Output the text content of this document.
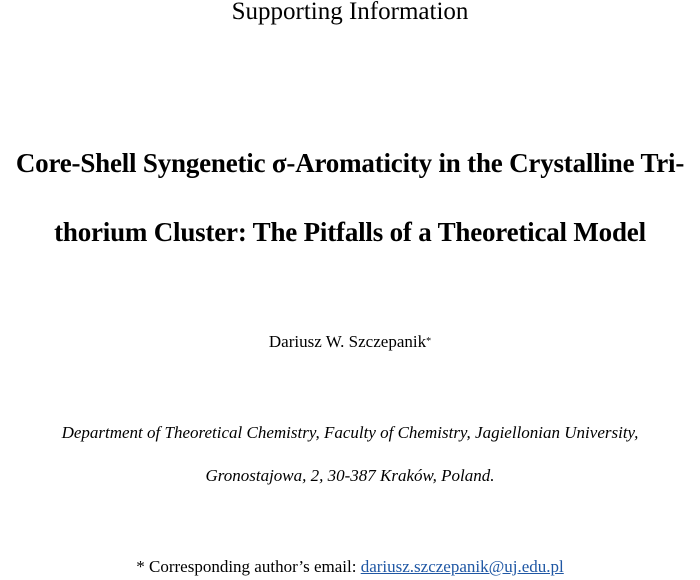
Supporting Information
Core-Shell Syngenetic σ-Aromaticity in the Crystalline Tri-
thorium Cluster: The Pitfalls of a Theoretical Model
Dariusz W. Szczepanik*
Department of Theoretical Chemistry, Faculty of Chemistry, Jagiellonian University,
Gronostajowa, 2, 30-387 Kraków, Poland.
* Corresponding author’s email: dariusz.szczepanik@uj.edu.pl
